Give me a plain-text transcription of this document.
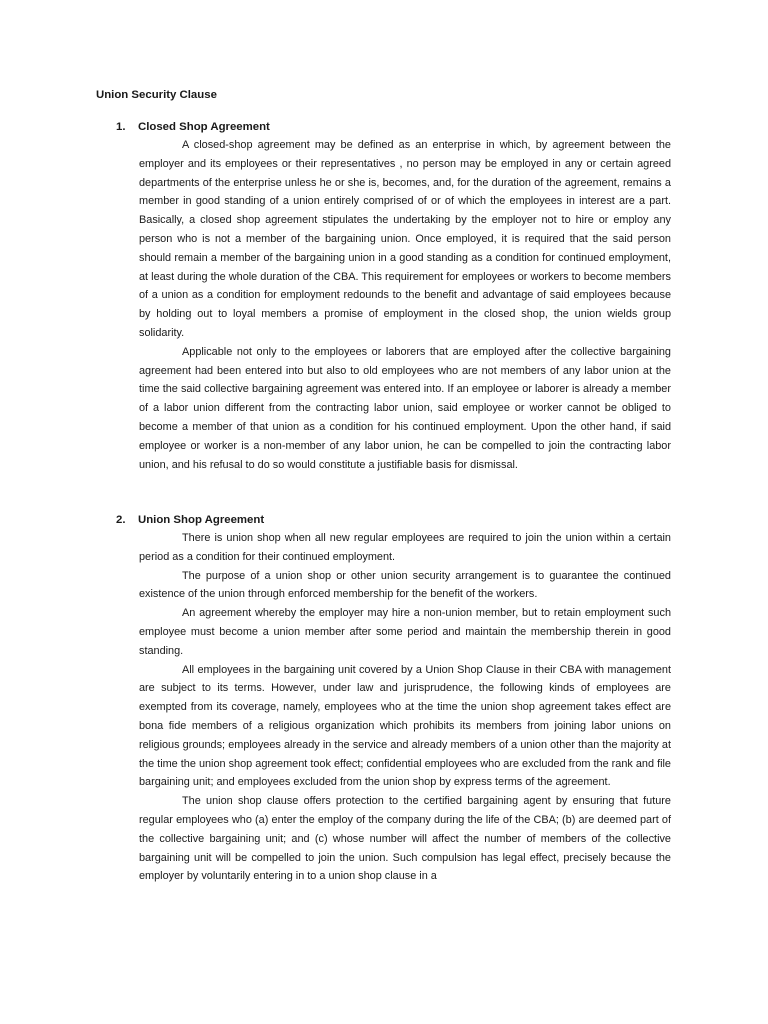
Union Security Clause
1. Closed Shop Agreement

A closed-shop agreement may be defined as an enterprise in which, by agreement between the employer and its employees or their representatives , no person may be employed in any or certain agreed departments of the enterprise unless he or she is, becomes, and, for the duration of the agreement, remains a member in good standing of a union entirely comprised of or of which the employees in interest are a part. Basically, a closed shop agreement stipulates the undertaking by the employer not to hire or employ any person who is not a member of the bargaining union. Once employed, it is required that the said person should remain a member of the bargaining union in a good standing as a condition for continued employment, at least during the whole duration of the CBA. This requirement for employees or workers to become members of a union as a condition for employment redounds to the benefit and advantage of said employees because by holding out to loyal members a promise of employment in the closed shop, the union wields group solidarity.

Applicable not only to the employees or laborers that are employed after the collective bargaining agreement had been entered into but also to old employees who are not members of any labor union at the time the said collective bargaining agreement was entered into. If an employee or laborer is already a member of a labor union different from the contracting labor union, said employee or worker cannot be obliged to become a member of that union as a condition for his continued employment. Upon the other hand, if said employee or worker is a non-member of any labor union, he can be compelled to join the contracting labor union, and his refusal to do so would constitute a justifiable basis for dismissal.

2. Union Shop Agreement

There is union shop when all new regular employees are required to join the union within a certain period as a condition for their continued employment.

The purpose of a union shop or other union security arrangement is to guarantee the continued existence of the union through enforced membership for the benefit of the workers.

An agreement whereby the employer may hire a non-union member, but to retain employment such employee must become a union member after some period and maintain the membership therein in good standing.

All employees in the bargaining unit covered by a Union Shop Clause in their CBA with management are subject to its terms. However, under law and jurisprudence, the following kinds of employees are exempted from its coverage, namely, employees who at the time the union shop agreement takes effect are bona fide members of a religious organization which prohibits its members from joining labor unions on religious grounds; employees already in the service and already members of a union other than the majority at the time the union shop agreement took effect; confidential employees who are excluded from the rank and file bargaining unit; and employees excluded from the union shop by express terms of the agreement.

The union shop clause offers protection to the certified bargaining agent by ensuring that future regular employees who (a) enter the employ of the company during the life of the CBA; (b) are deemed part of the collective bargaining unit; and (c) whose number will affect the number of members of the collective bargaining unit will be compelled to join the union. Such compulsion has legal effect, precisely because the employer by voluntarily entering in to a union shop clause in a
